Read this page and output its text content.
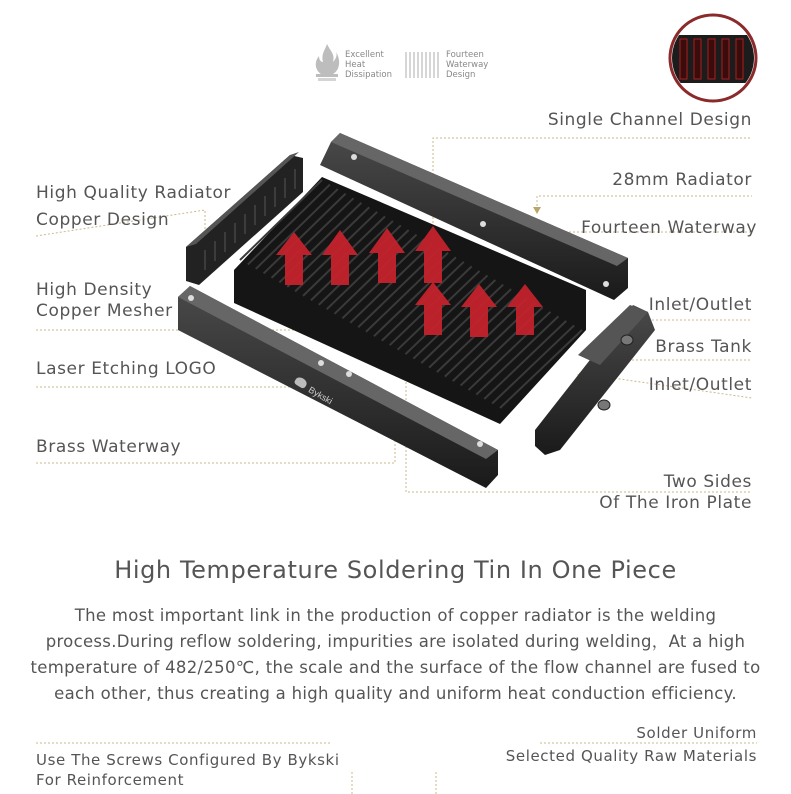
Excellent
Heat
Dissipation
Fourteen
Waterway
Design
Bykski
High Quality Radiator
Copper Design
High Density
Copper Mesher
Laser Etching LOGO
Brass Waterway
Single Channel Design
28mm Radiator
Fourteen Waterway
Inlet/Outlet
Brass Tank
Inlet/Outlet
Two Sides
Of The Iron Plate
High Temperature Soldering Tin In One Piece
The most important link in the production of copper radiator is the welding process.During reflow soldering, impurities are isolated during welding，At a high temperature of 482/250℃, the scale and the surface of the flow channel are fused to each other, thus creating a high quality and uniform heat conduction efficiency.
Solder Uniform
Selected Quality Raw Materials
Use The Screws Configured By Bykski
For Reinforcement
